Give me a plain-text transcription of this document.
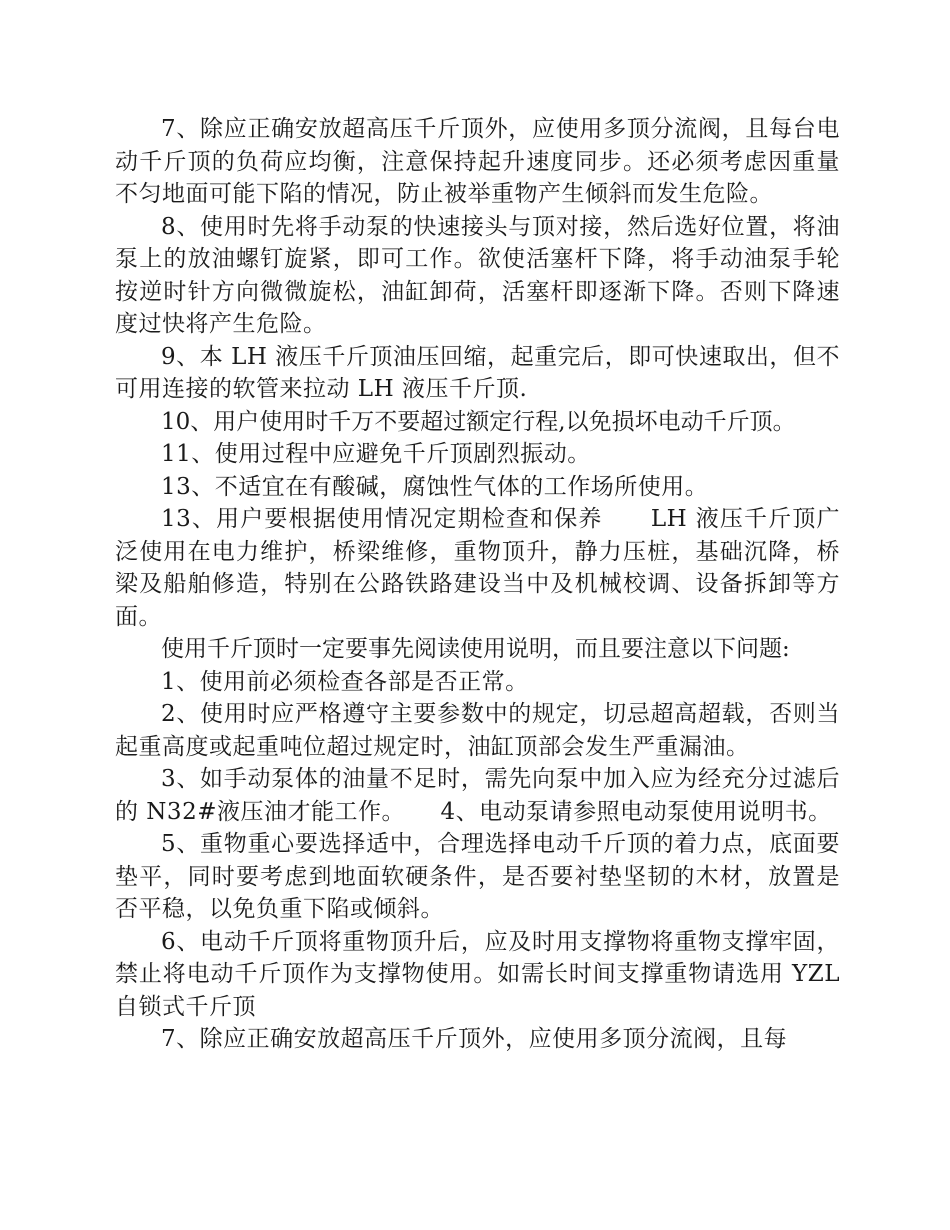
7、除应正确安放超高压千斤顶外，应使用多顶分流阀，且每台电动千斤顶的负荷应均衡，注意保持起升速度同步。还必须考虑因重量不匀地面可能下陷的情况，防止被举重物产生倾斜而发生危险。

8、使用时先将手动泵的快速接头与顶对接，然后选好位置，将油泵上的放油螺钉旋紧，即可工作。欲使活塞杆下降，将手动油泵手轮按逆时针方向微微旋松，油缸卸荷，活塞杆即逐渐下降。否则下降速度过快将产生危险。

9、本 LH 液压千斤顶油压回缩，起重完后，即可快速取出，但不可用连接的软管来拉动 LH 液压千斤顶.

10、用户使用时千万不要超过额定行程,以免损坏电动千斤顶。

11、使用过程中应避免千斤顶剧烈振动。

13、不适宜在有酸碱，腐蚀性气体的工作场所使用。

13、用户要根据使用情况定期检查和保养　　LH 液压千斤顶广泛使用在电力维护，桥梁维修，重物顶升，静力压桩，基础沉降，桥梁及船舶修造，特别在公路铁路建设当中及机械校调、设备拆卸等方面。

使用千斤顶时一定要事先阅读使用说明，而且要注意以下问题:

1、使用前必须检查各部是否正常。

2、使用时应严格遵守主要参数中的规定，切忌超高超载，否则当起重高度或起重吨位超过规定时，油缸顶部会发生严重漏油。

3、如手动泵体的油量不足时，需先向泵中加入应为经充分过滤后的 N32#液压油才能工作。　　4、电动泵请参照电动泵使用说明书。

5、重物重心要选择适中，合理选择电动千斤顶的着力点，底面要垫平，同时要考虑到地面软硬条件，是否要衬垫坚韧的木材，放置是否平稳，以免负重下陷或倾斜。

6、电动千斤顶将重物顶升后，应及时用支撑物将重物支撑牢固，禁止将电动千斤顶作为支撑物使用。如需长时间支撑重物请选用 YZL 自锁式千斤顶

7、除应正确安放超高压千斤顶外，应使用多顶分流阀，且每
